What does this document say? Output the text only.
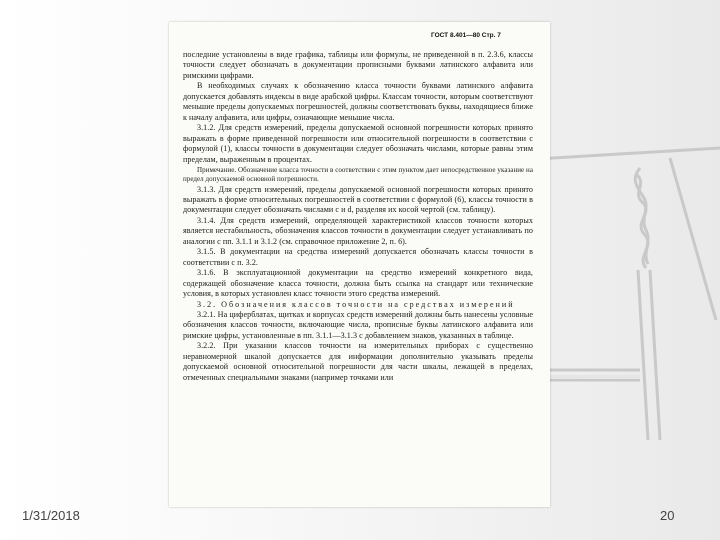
1/31/2018	20
ГОСТ 8.401—80 Стр. 7

последние установлены в виде графика, таблицы или формулы, не приведенной в п. 2.3.6, классы точности следует обозначать в документации прописными буквами латинского алфавита или римскими цифрами.

В необходимых случаях к обозначению класса точности буквами латинского алфавита допускается добавлять индексы в виде арабской цифры. Классам точности, которым соответствуют меньшие пределы допускаемых погрешностей, должны соответствовать буквы, находящиеся ближе к началу алфавита, или цифры, означающие меньшие числа.

3.1.2. Для средств измерений, пределы допускаемой основной погрешности которых принято выражать в форме приведенной погрешности или относительной погрешности в соответствии с формулой (1), классы точности в документации следует обозначать числами, которые равны этим пределам, выраженным в процентах.

Примечание. Обозначение класса точности в соответствии с этим пунктом дает непосредственное указание на предел допускаемой основной погрешности.

3.1.3. Для средств измерений, пределы допускаемой основной погрешности которых принято выражать в форме относительных погрешностей в соответствии с формулой (6), классы точности в документации следует обозначать числами с и d, разделяя их косой чертой (см. таблицу).

3.1.4. Для средств измерений, определяющей характеристикой классов точности которых является нестабильность, обозначения классов точности в документации следует устанавливать по аналогии с пп. 3.1.1 и 3.1.2 (см. справочное приложение 2, п. 6).

3.1.5. В документации на средства измерений допускается обозначать классы точности в соответствии с п. 3.2.

3.1.6. В эксплуатационной документации на средство измерений конкретного вида, содержащей обозначение класса точности, должна быть ссылка на стандарт или технические условия, в которых установлен класс точности этого средства измерений.

3.2. Обозначения классов точности на средствах измерений

3.2.1. На циферблатах, щитках и корпусах средств измерений должны быть нанесены условные обозначения классов точности, включающие числа, прописные буквы латинского алфавита или римские цифры, установленные в пп. 3.1.1—3.1.3 с добавлением знаков, указанных в таблице.

3.2.2. При указании классов точности на измерительных приборах с существенно неравномерной шкалой допускается для информации дополнительно указывать пределы допускаемой основной относительной погрешности для части шкалы, лежащей в пределах, отмеченных специальными знаками (например точками или
